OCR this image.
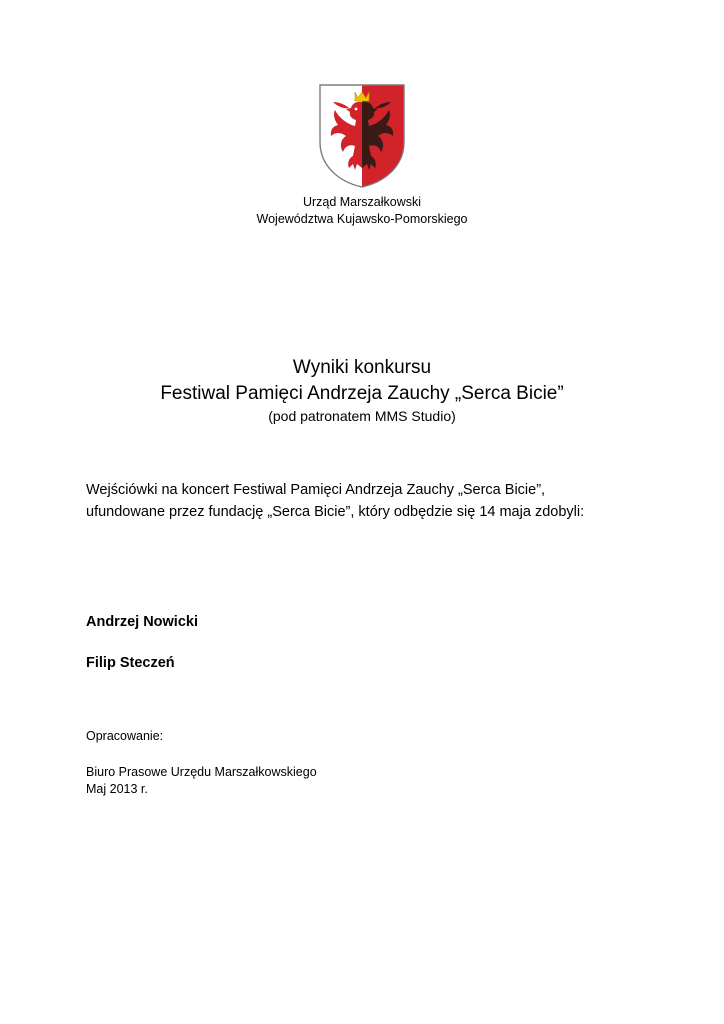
Urząd Marszałkowski
Województwa Kujawsko-Pomorskiego
Wyniki konkursu
Festiwal Pamięci Andrzeja Zauchy „Serca Bicie”
(pod patronatem MMS Studio)
Wejściówki na koncert Festiwal Pamięci Andrzeja Zauchy „Serca Bicie”,
ufundowane przez fundację „Serca Bicie”, który odbędzie się 14 maja zdobyli:
Andrzej Nowicki
Filip Steczeń
Opracowanie:
Biuro Prasowe Urzędu Marszałkowskiego
Maj 2013 r.
